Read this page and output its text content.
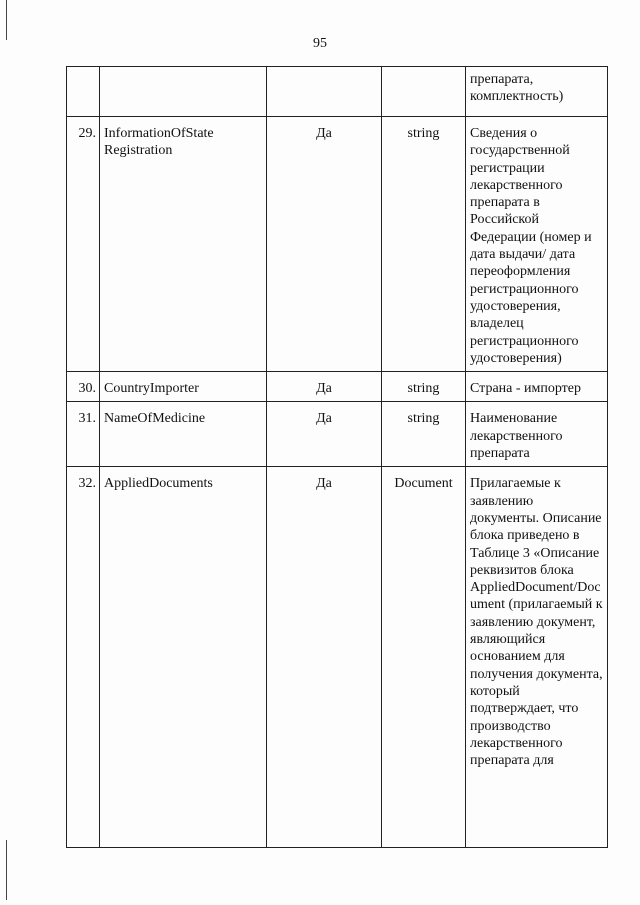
95
				препарата, комплектность)
29.	InformationOfState Registration	Да	string	Сведения о государственной регистрации лекарственного препарата в Российской Федерации (номер и дата выдачи/ дата переоформления регистрационного удостоверения, владелец регистрационного удостоверения)
30.	CountryImporter	Да	string	Страна - импортер
31.	NameOfMedicine	Да	string	Наименование лекарственного препарата
32.	AppliedDocuments	Да	Document	Прилагаемые к заявлению документы. Описание блока приведено в Таблице 3 «Описание реквизитов блока AppliedDocument/Document (прилагаемый к заявлению документ, являющийся основанием для получения документа, который подтверждает, что производство лекарственного препарата для
